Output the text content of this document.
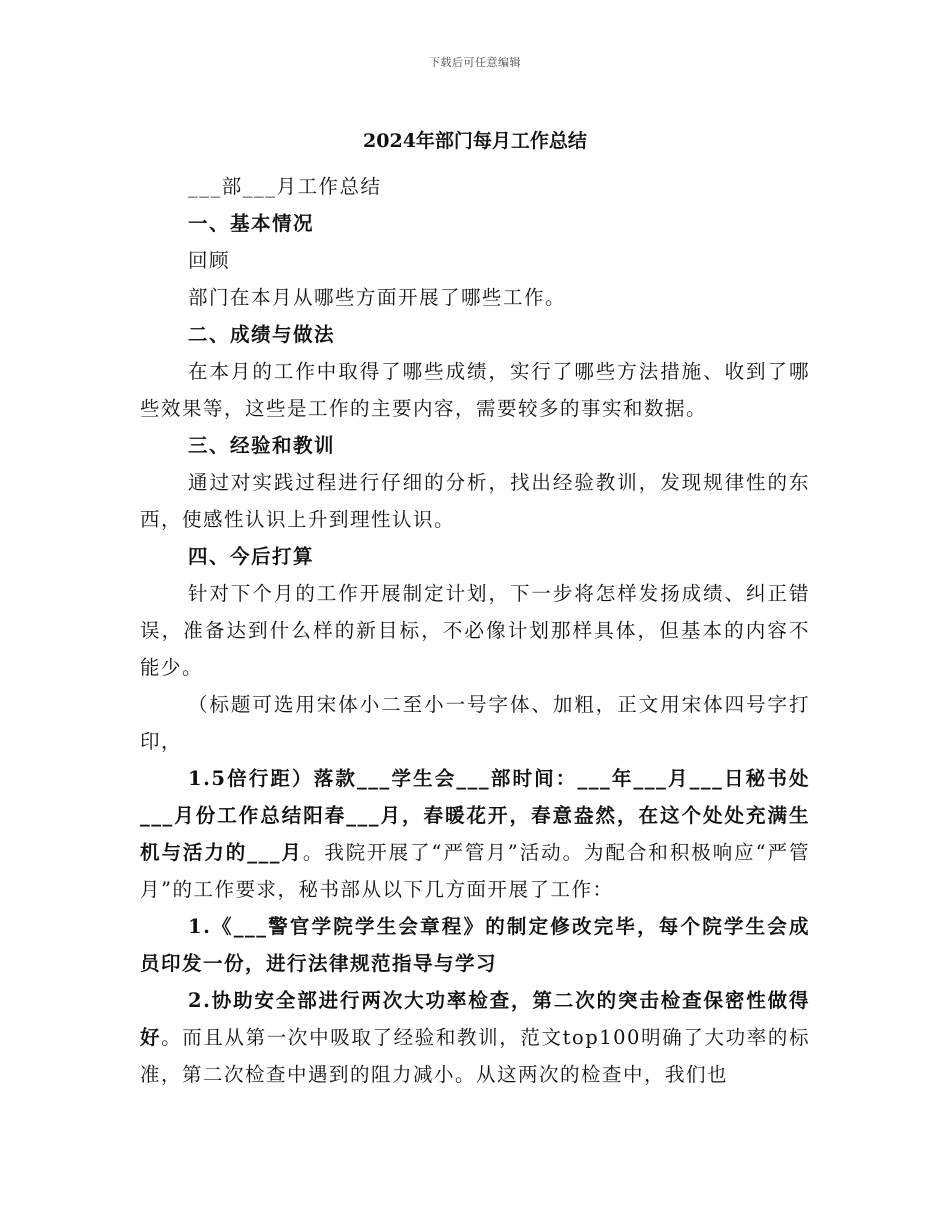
下载后可任意编辑
2024年部门每月工作总结

___部___月工作总结

一、基本情况

回顾

部门在本月从哪些方面开展了哪些工作。

二、成绩与做法

在本月的工作中取得了哪些成绩，实行了哪些方法措施、收到了哪些效果等，这些是工作的主要内容，需要较多的事实和数据。

三、经验和教训

通过对实践过程进行仔细的分析，找出经验教训，发现规律性的东西，使感性认识上升到理性认识。

四、今后打算

针对下个月的工作开展制定计划，下一步将怎样发扬成绩、纠正错误，准备达到什么样的新目标，不必像计划那样具体，但基本的内容不能少。

（标题可选用宋体小二至小一号字体、加粗，正文用宋体四号字打印，

1.5倍行距）落款___学生会___部时间：___年___月___日秘书处___月份工作总结阳春___月，春暖花开，春意盎然，在这个处处充满生机与活力的___月。我院开展了“严管月”活动。为配合和积极响应“严管月”的工作要求，秘书部从以下几方面开展了工作：

1.《___警官学院学生会章程》的制定修改完毕，每个院学生会成员印发一份，进行法律规范指导与学习

2.协助安全部进行两次大功率检查，第二次的突击检查保密性做得好。而且从第一次中吸取了经验和教训，范文top100明确了大功率的标准，第二次检查中遇到的阻力减小。从这两次的检查中，我们也
